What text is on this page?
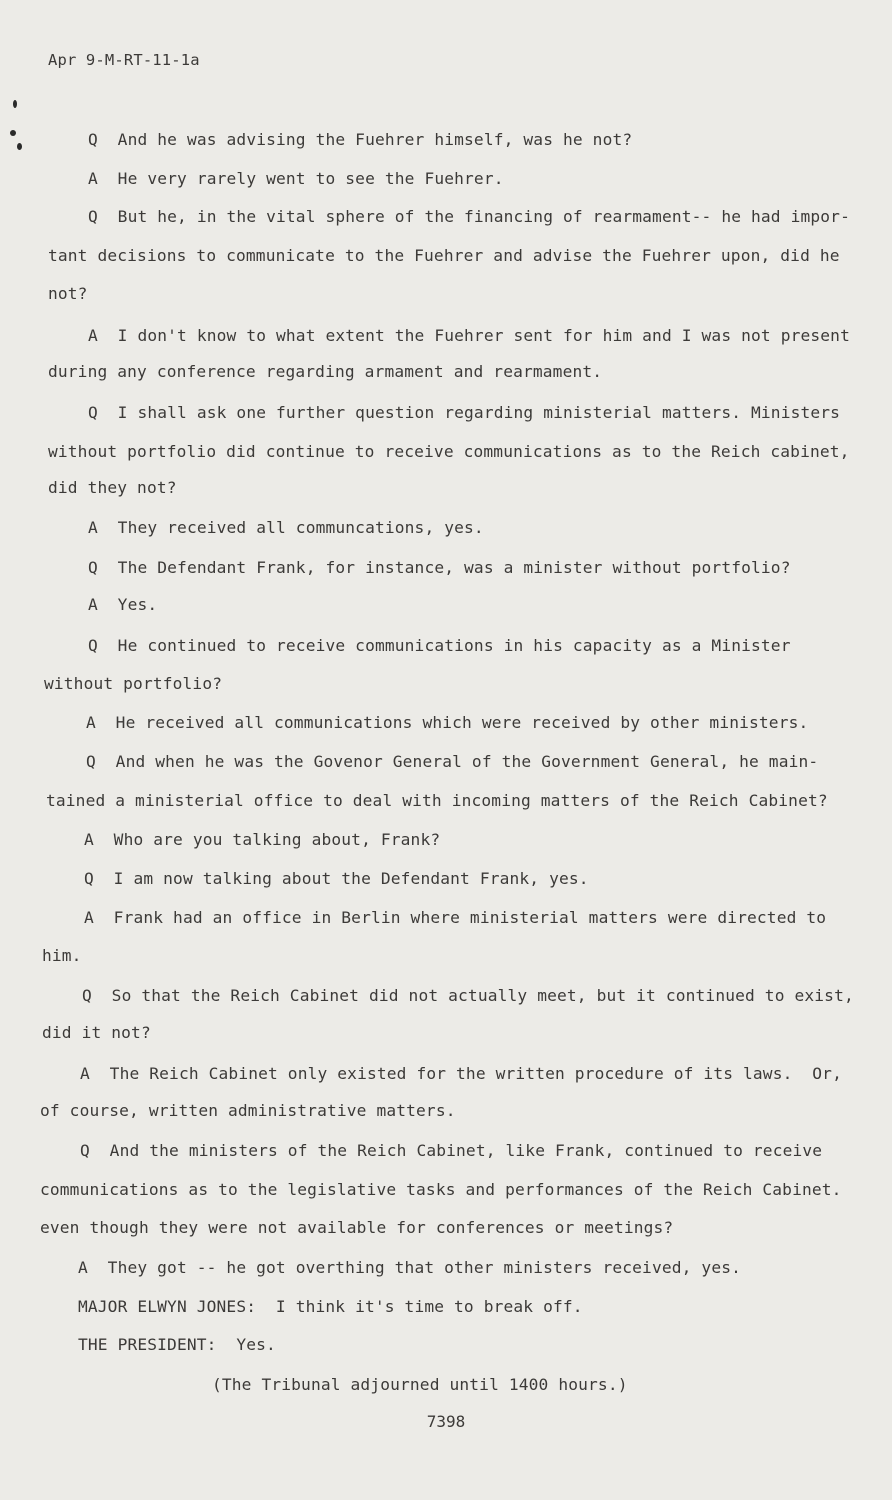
Apr 9-M-RT-11-1a
Q  And he was advising the Fuehrer himself, was he not?
A  He very rarely went to see the Fuehrer.
Q  But he, in the vital sphere of the financing of rearmament-- he had impor-
tant decisions to communicate to the Fuehrer and advise the Fuehrer upon, did he
not?
A  I don't know to what extent the Fuehrer sent for him and I was not present
during any conference regarding armament and rearmament.
Q  I shall ask one further question regarding ministerial matters. Ministers
without portfolio did continue to receive communications as to the Reich cabinet,
did they not?
A  They received all communcations, yes.
Q  The Defendant Frank, for instance, was a minister without portfolio?
A  Yes.
Q  He continued to receive communications in his capacity as a Minister
without portfolio?
A  He received all communications which were received by other ministers.
Q  And when he was the Govenor General of the Government General, he main-
tained a ministerial office to deal with incoming matters of the Reich Cabinet?
A  Who are you talking about, Frank?
Q  I am now talking about the Defendant Frank, yes.
A  Frank had an office in Berlin where ministerial matters were directed to
him.
Q  So that the Reich Cabinet did not actually meet, but it continued to exist,
did it not?
A  The Reich Cabinet only existed for the written procedure of its laws.  Or,
of course, written administrative matters.
Q  And the ministers of the Reich Cabinet, like Frank, continued to receive
communications as to the legislative tasks and performances of the Reich Cabinet.
even though they were not available for conferences or meetings?
A  They got -- he got overthing that other ministers received, yes.
MAJOR ELWYN JONES:  I think it's time to break off.
THE PRESIDENT:  Yes.
(The Tribunal adjourned until 1400 hours.)
7398
